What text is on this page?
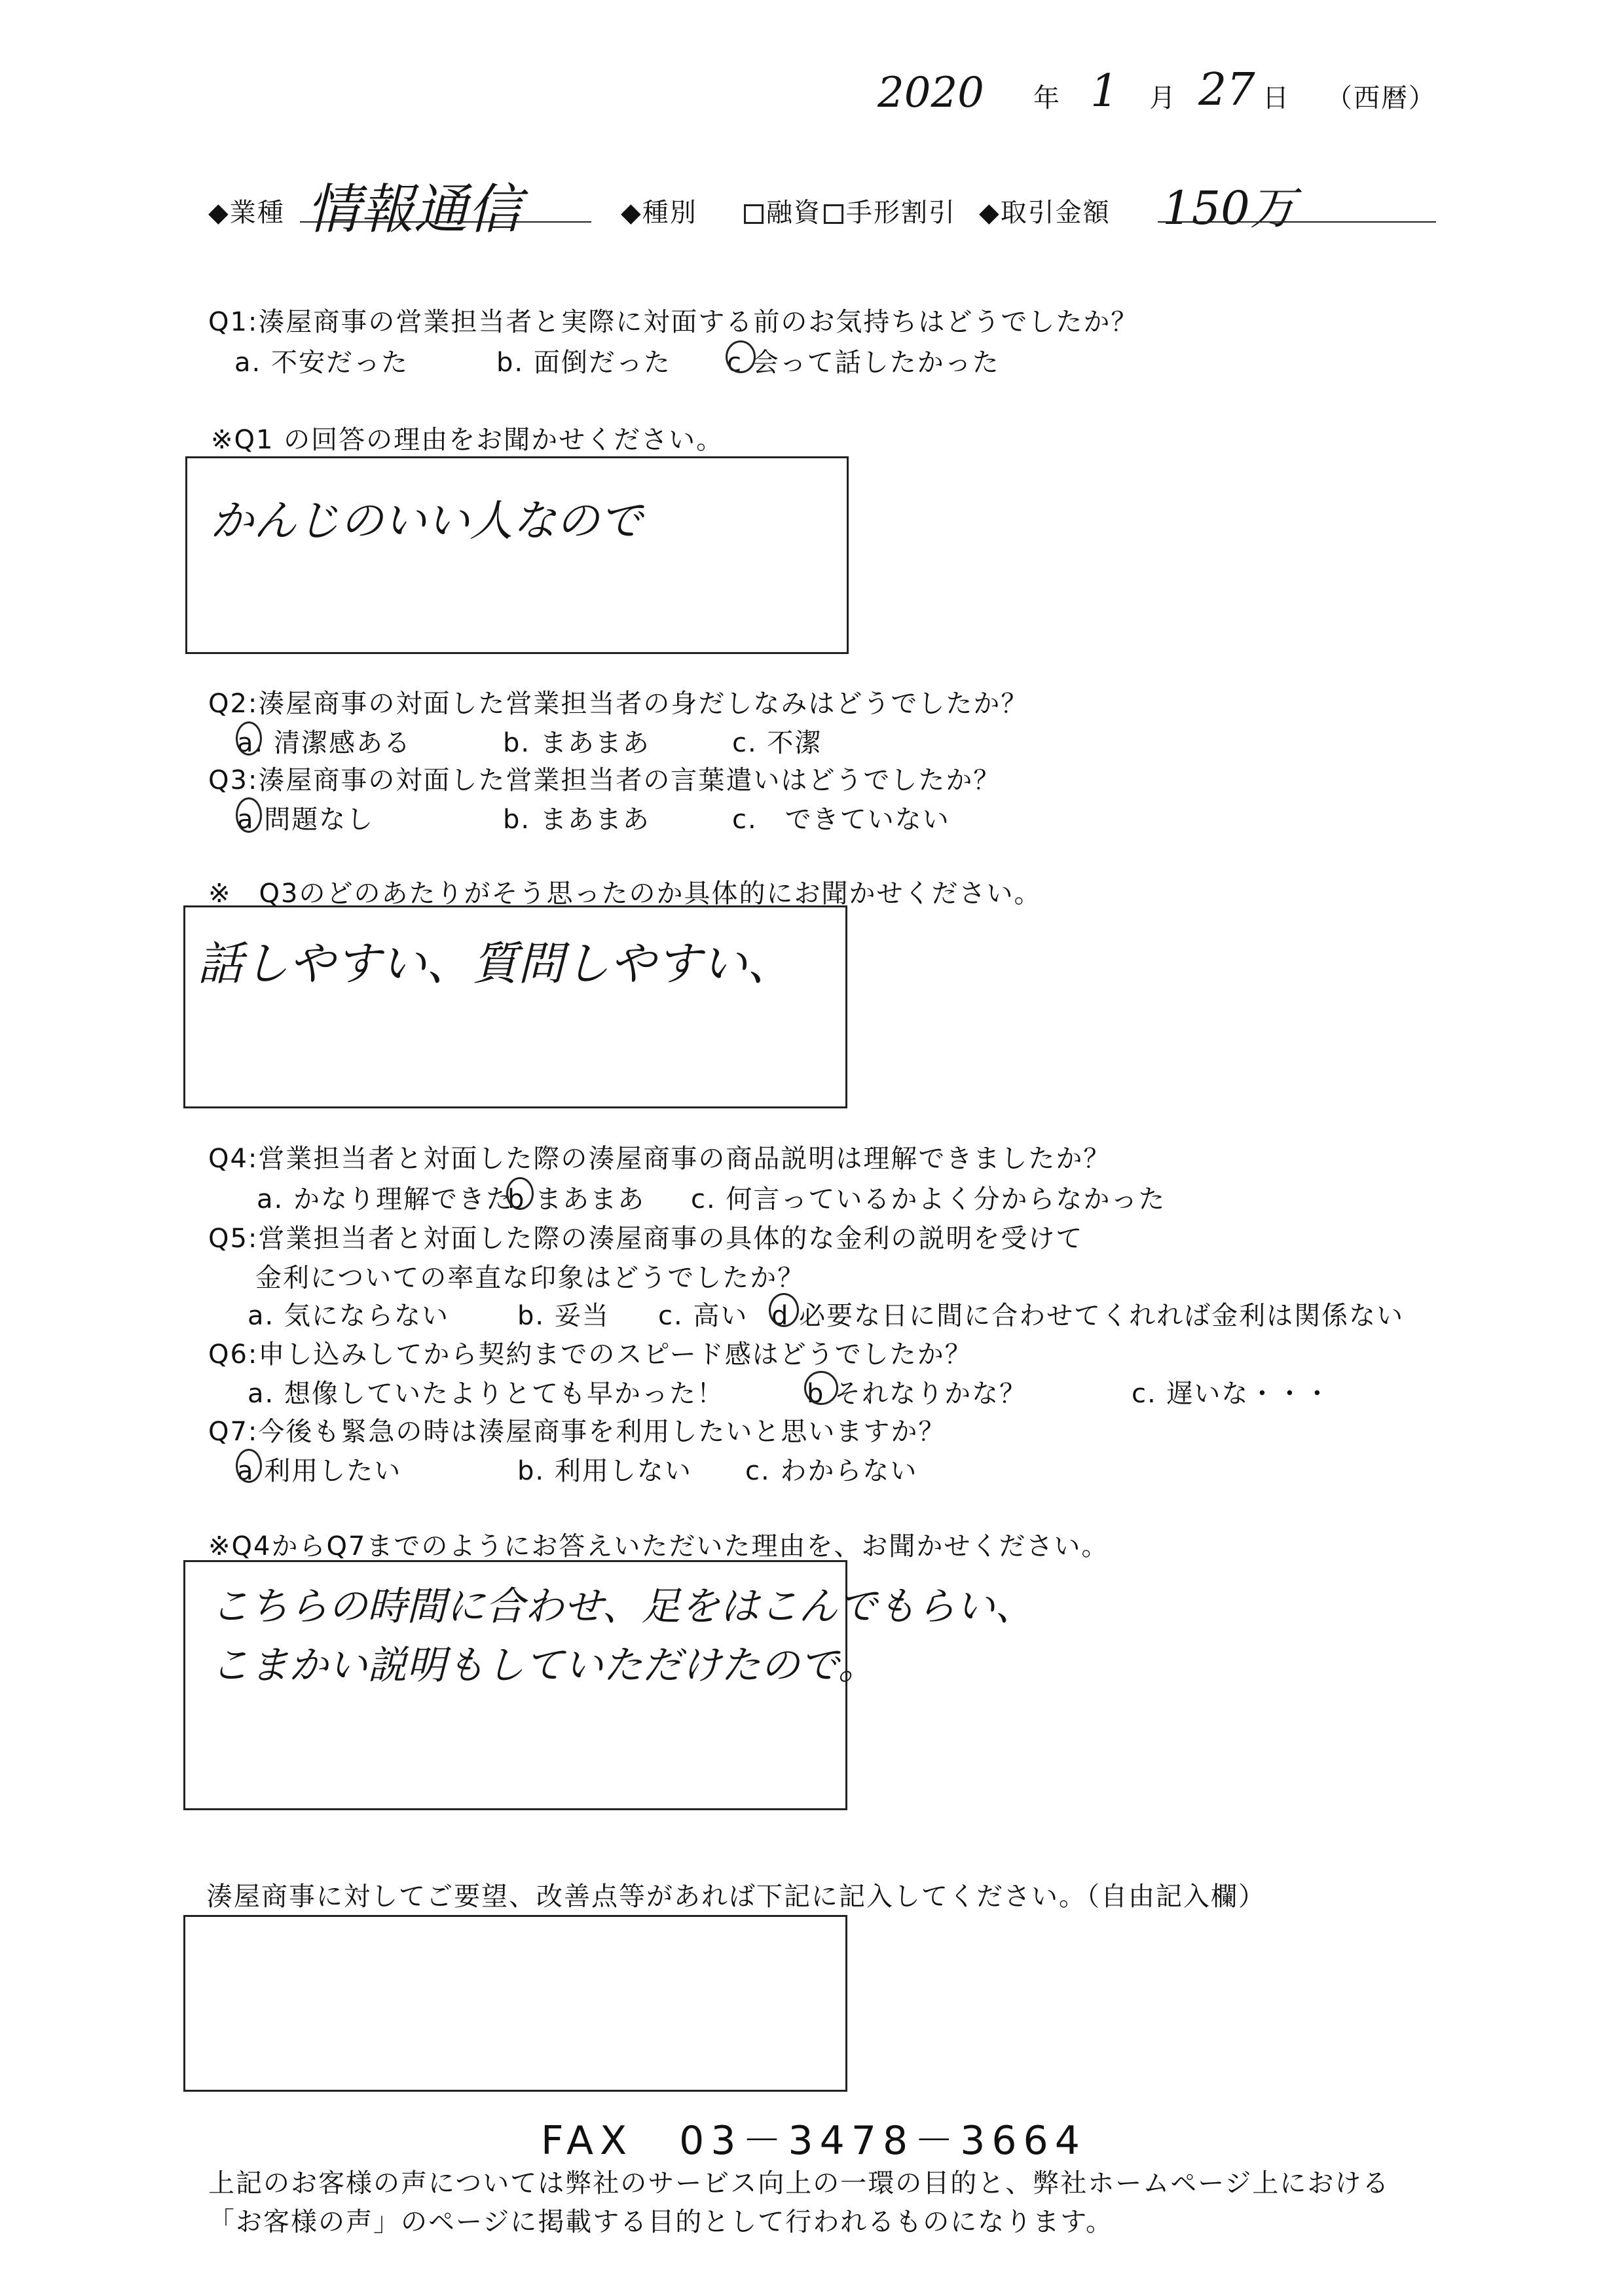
2020 年 1 月 27 日 （西暦）
◆業種 情報通信	◆種別	融資 手形割引 ◆取引金額 150万
Q1:湊屋商事の営業担当者と実際に対面する前のお気持ちはどうでしたか？
a. 不安だった	b. 面倒だった c 会って話したかった
※Q1 の回答の理由をお聞かせください。
かんじのいい人なので
Q2:湊屋商事の対面した営業担当者の身だしなみはどうでしたか？
a. 清潔感ある	b. まあまあ	c. 不潔
Q3:湊屋商事の対面した営業担当者の言葉遣いはどうでしたか？
a 問題なし	b. まあまあ	c.　できていない
※　Q3のどのあたりがそう思ったのか具体的にお聞かせください。
話しやすい、質問しやすい、
Q4:営業担当者と対面した際の湊屋商事の商品説明は理解できましたか？
a. かなり理解できた
b まあまあ c. 何言っているかよく分からなかった
Q5:営業担当者と対面した際の湊屋商事の具体的な金利の説明を受けて
金利についての率直な印象はどうでしたか？
a. 気にならない	b. 妥当 c. 高い d 必要な日に間に合わせてくれれば金利は関係ない
Q6:申し込みしてから契約までのスピード感はどうでしたか？
a. 想像していたよりとても早かった！	b それなりかな？	c. 遅いな・・・
Q7:今後も緊急の時は湊屋商事を利用したいと思いますか？
a 利用したい	b. 利用しない c. わからない
※Q4からQ7までのようにお答えいただいた理由を、お聞かせください。
こちらの時間に合わせ、足をはこんでもらい、
こまかい説明もしていただけたので。
湊屋商事に対してご要望、改善点等があれば下記に記入してください。（自由記入欄）
FAX　03－3478－3664
上記のお客様の声については弊社のサービス向上の一環の目的と、弊社ホームページ上における
「お客様の声」のページに掲載する目的として行われるものになります。
